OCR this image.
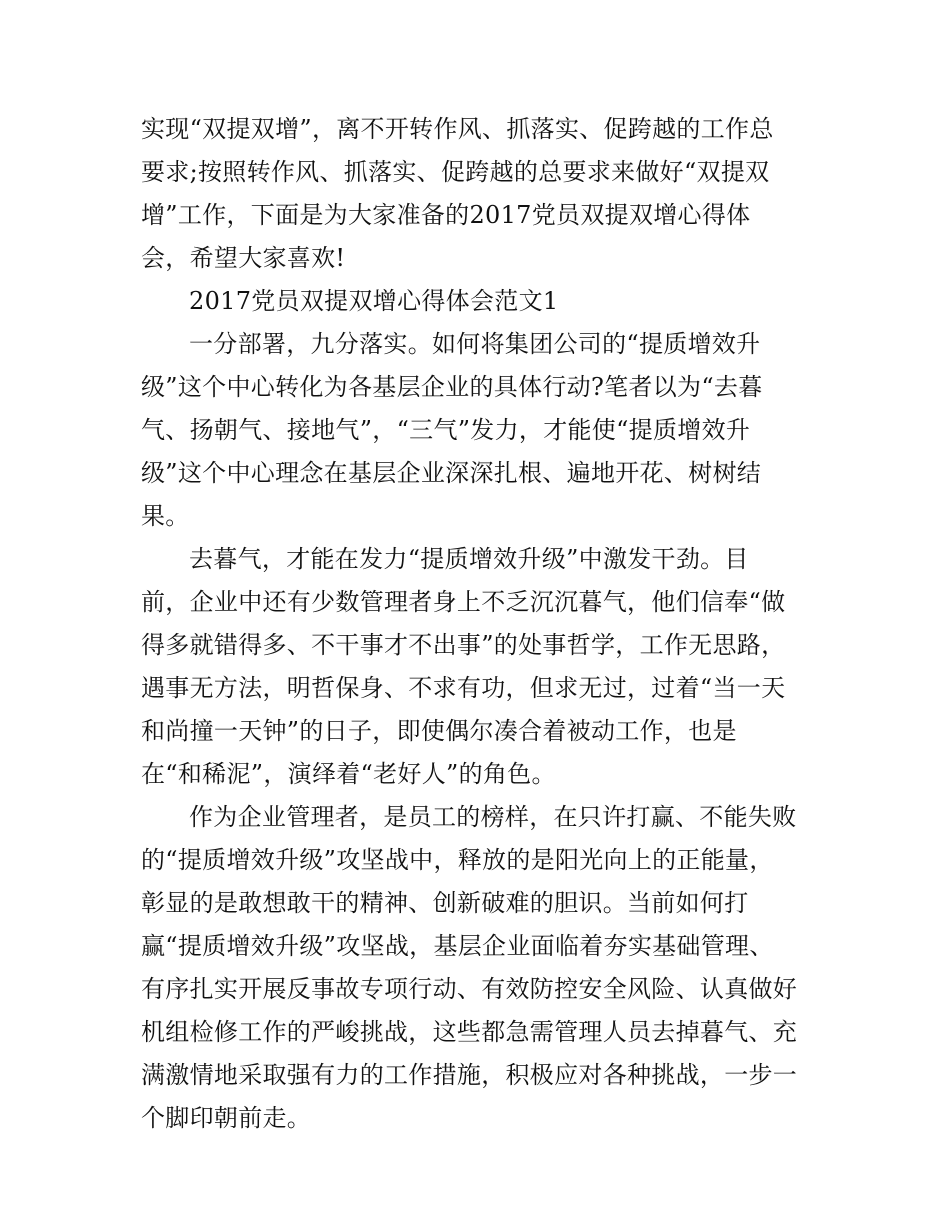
实现“双提双增”，离不开转作风、抓落实、促跨越的工作总
要求;按照转作风、抓落实、促跨越的总要求来做好“双提双
增”工作，下面是为大家准备的2017党员双提双增心得体
会，希望大家喜欢!
2017党员双提双增心得体会范文1
一分部署，九分落实。如何将集团公司的“提质增效升
级”这个中心转化为各基层企业的具体行动?笔者以为“去暮
气、扬朝气、接地气”，“三气”发力，才能使“提质增效升
级”这个中心理念在基层企业深深扎根、遍地开花、树树结
果。
去暮气，才能在发力“提质增效升级”中激发干劲。目
前，企业中还有少数管理者身上不乏沉沉暮气，他们信奉“做
得多就错得多、不干事才不出事”的处事哲学，工作无思路，
遇事无方法，明哲保身、不求有功，但求无过，过着“当一天
和尚撞一天钟”的日子，即使偶尔凑合着被动工作，也是
在“和稀泥”，演绎着“老好人”的角色。
作为企业管理者，是员工的榜样，在只许打赢、不能失败
的“提质增效升级”攻坚战中，释放的是阳光向上的正能量，
彰显的是敢想敢干的精神、创新破难的胆识。当前如何打
赢“提质增效升级”攻坚战，基层企业面临着夯实基础管理、
有序扎实开展反事故专项行动、有效防控安全风险、认真做好
机组检修工作的严峻挑战，这些都急需管理人员去掉暮气、充
满激情地采取强有力的工作措施，积极应对各种挑战，一步一
个脚印朝前走。
